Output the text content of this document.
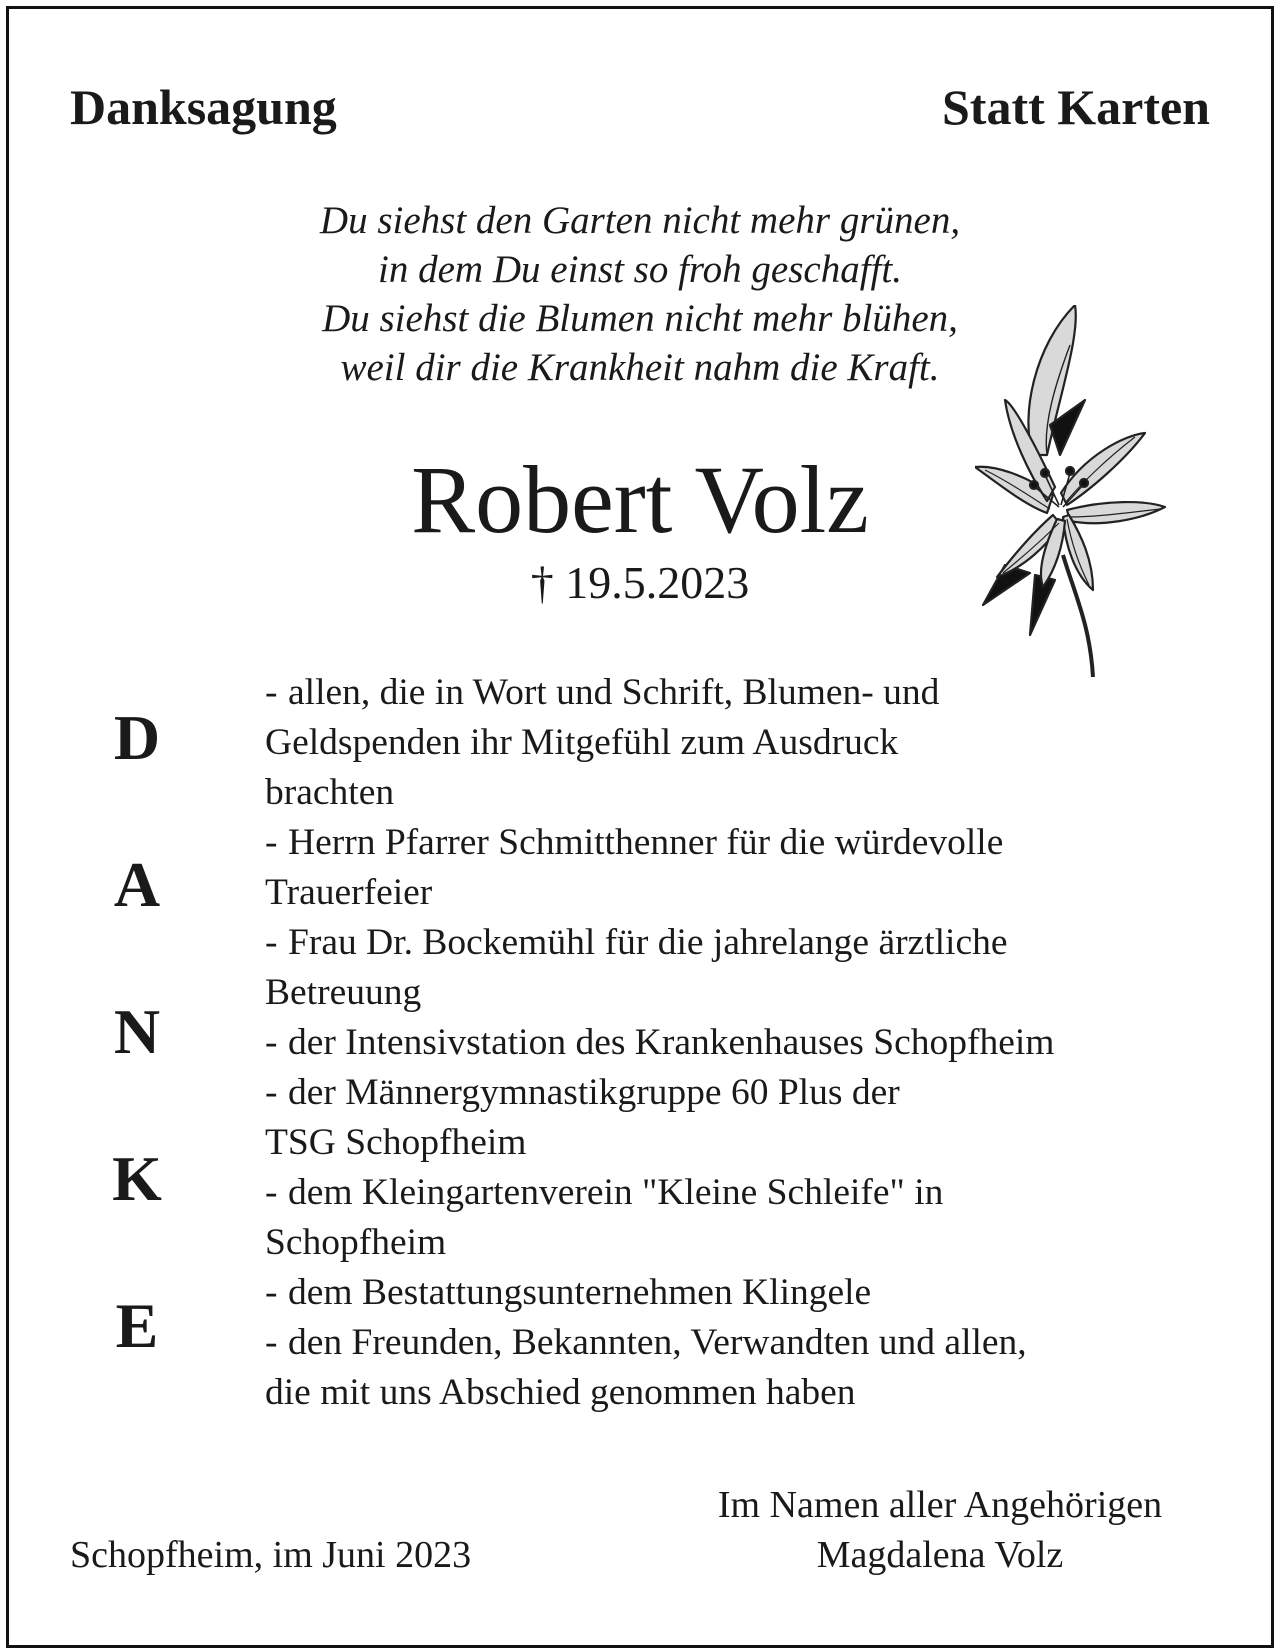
Danksagung	Statt Karten
Du siehst den Garten nicht mehr grünen,
in dem Du einst so froh geschafft.
Du siehst die Blumen nicht mehr blühen,
weil dir die Krankheit nahm die Kraft.
Robert Volz
† 19.5.2023
D
A
N
K
E
- allen, die in Wort und Schrift, Blumen- und
Geldspenden ihr Mitgefühl zum Ausdruck
brachten
- Herrn Pfarrer Schmitthenner für die würdevolle
Trauerfeier
- Frau Dr. Bockemühl für die jahrelange ärztliche
Betreuung
- der Intensivstation des Krankenhauses Schopfheim
- der Männergymnastikgruppe 60 Plus der
TSG Schopfheim
- dem Kleingartenverein "Kleine Schleife" in
Schopfheim
- dem Bestattungsunternehmen Klingele
- den Freunden, Bekannten, Verwandten und allen,
die mit uns Abschied genommen haben
Schopfheim, im Juni 2023
Im Namen aller Angehörigen
Magdalena Volz
